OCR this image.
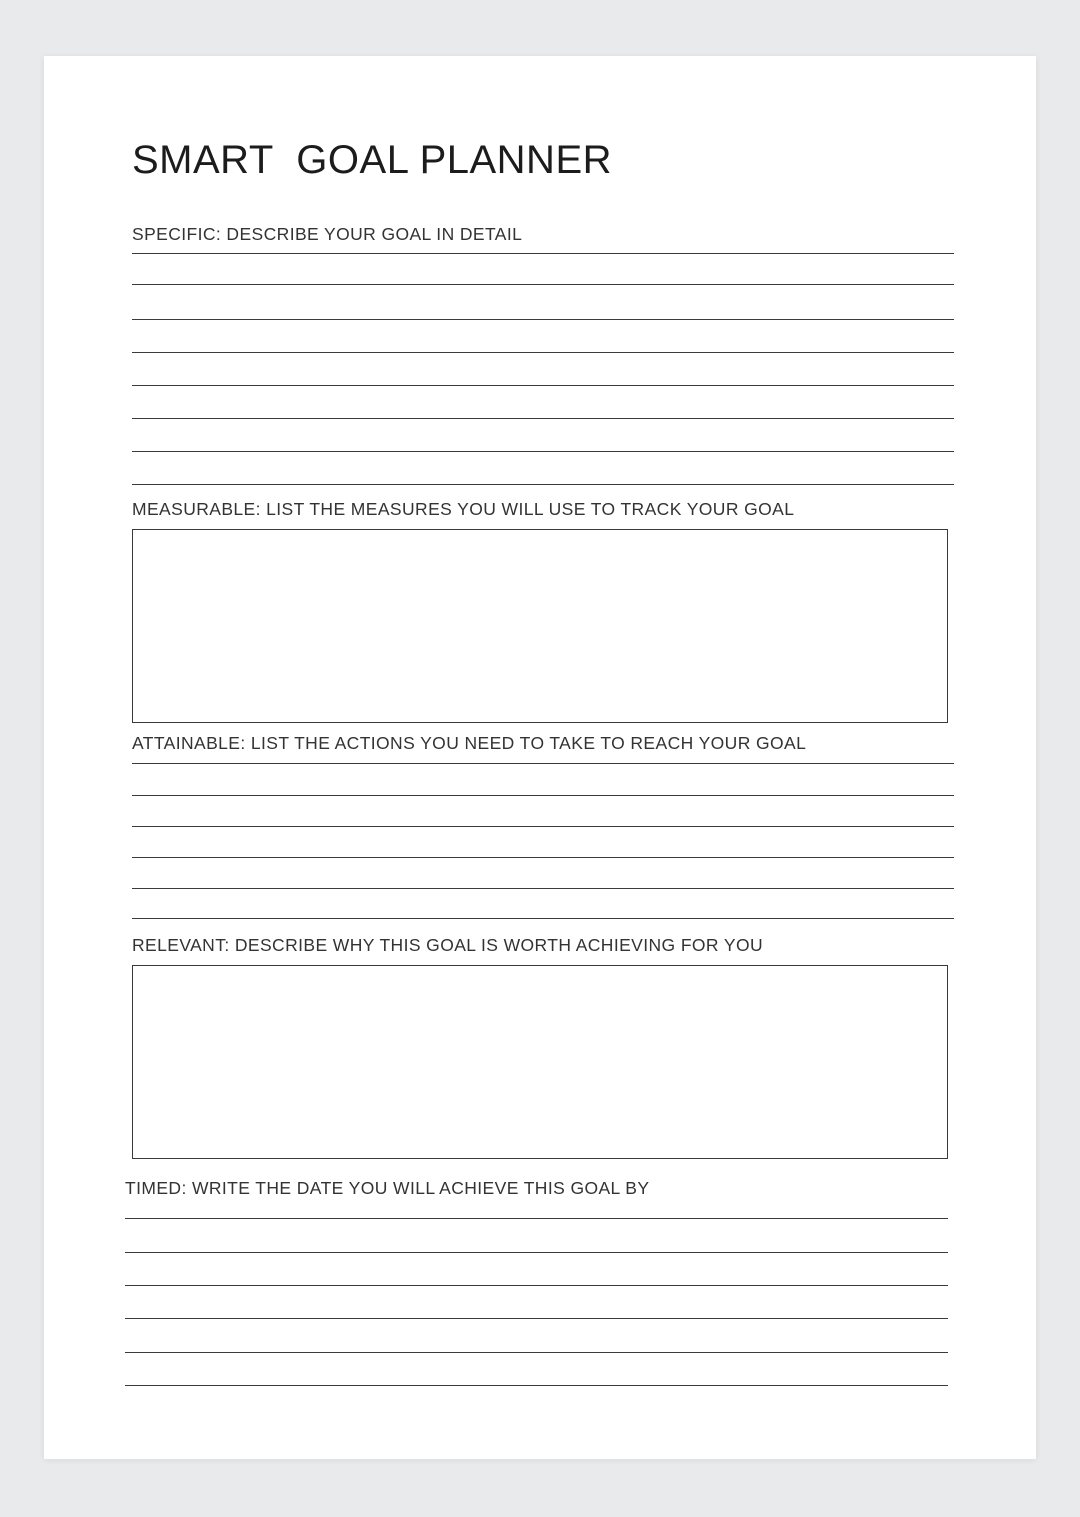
SMART  GOAL PLANNER
SPECIFIC: DESCRIBE YOUR GOAL IN DETAIL
MEASURABLE: LIST THE MEASURES YOU WILL USE TO TRACK YOUR GOAL
ATTAINABLE: LIST THE ACTIONS YOU NEED TO TAKE TO REACH YOUR GOAL
RELEVANT: DESCRIBE WHY THIS GOAL IS WORTH ACHIEVING FOR YOU
TIMED: WRITE THE DATE YOU WILL ACHIEVE THIS GOAL BY
